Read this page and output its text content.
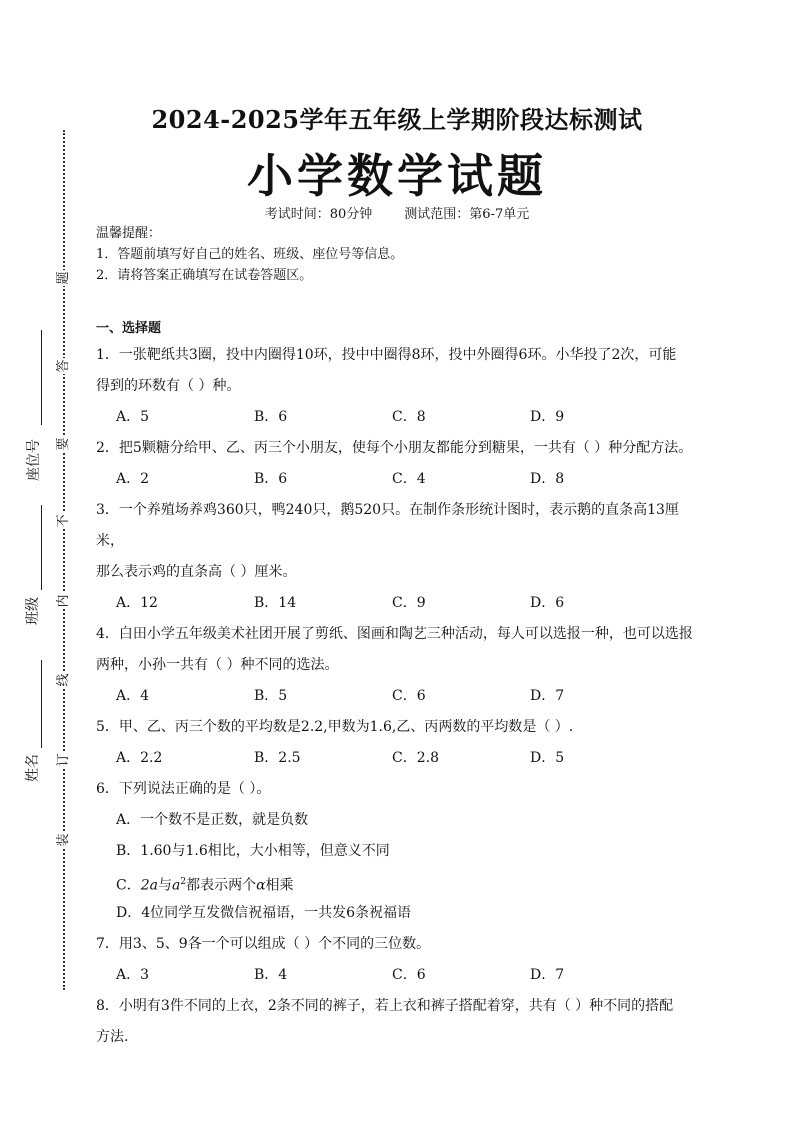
题
答
要
不
内
线
订
装
座位号
班级
姓名
2024-2025学年五年级上学期阶段达标测试
小学数学试题
考试时间：80分钟 测试范围：第6-7单元
温馨提醒：
1．答题前填写好自己的姓名、班级、座位号等信息。
2．请将答案正确填写在试卷答题区。
一、选择题
1．一张靶纸共3圈，投中内圈得10环，投中中圈得8环，投中外圈得6环。小华投了2次，可能
得到的环数有（ ）种。
A．5	B．6	C．8	D．9
2．把5颗糖分给甲、乙、丙三个小朋友，使每个小朋友都能分到糖果，一共有（ ）种分配方法。
A．2	B．6	C．4	D．8
3．一个养殖场养鸡360只，鸭240只，鹅520只。在制作条形统计图时，表示鹅的直条高13厘米，
那么表示鸡的直条高（ ）厘米。
A．12	B．14	C．9	D．6
4．白田小学五年级美术社团开展了剪纸、图画和陶艺三种活动，每人可以选报一种，也可以选报
两种，小孙一共有（ ）种不同的选法。
A．4	B．5	C．6	D．7
5．甲、乙、丙三个数的平均数是2.2,甲数为1.6,乙、丙两数的平均数是（ ）.
A．2.2	B．2.5	C．2.8	D．5
6．下列说法正确的是（ ）。
A．一个数不是正数，就是负数
B．1.60与1.6相比，大小相等，但意义不同
C．2a与$a^2$都表示两个α相乘
D．4位同学互发微信祝福语，一共发6条祝福语
7．用3、5、9各一个可以组成（ ）个不同的三位数。
A．3	B．4	C．6	D．7
8．小明有3件不同的上衣，2条不同的裤子，若上衣和裤子搭配着穿，共有（ ）种不同的搭配
方法.
